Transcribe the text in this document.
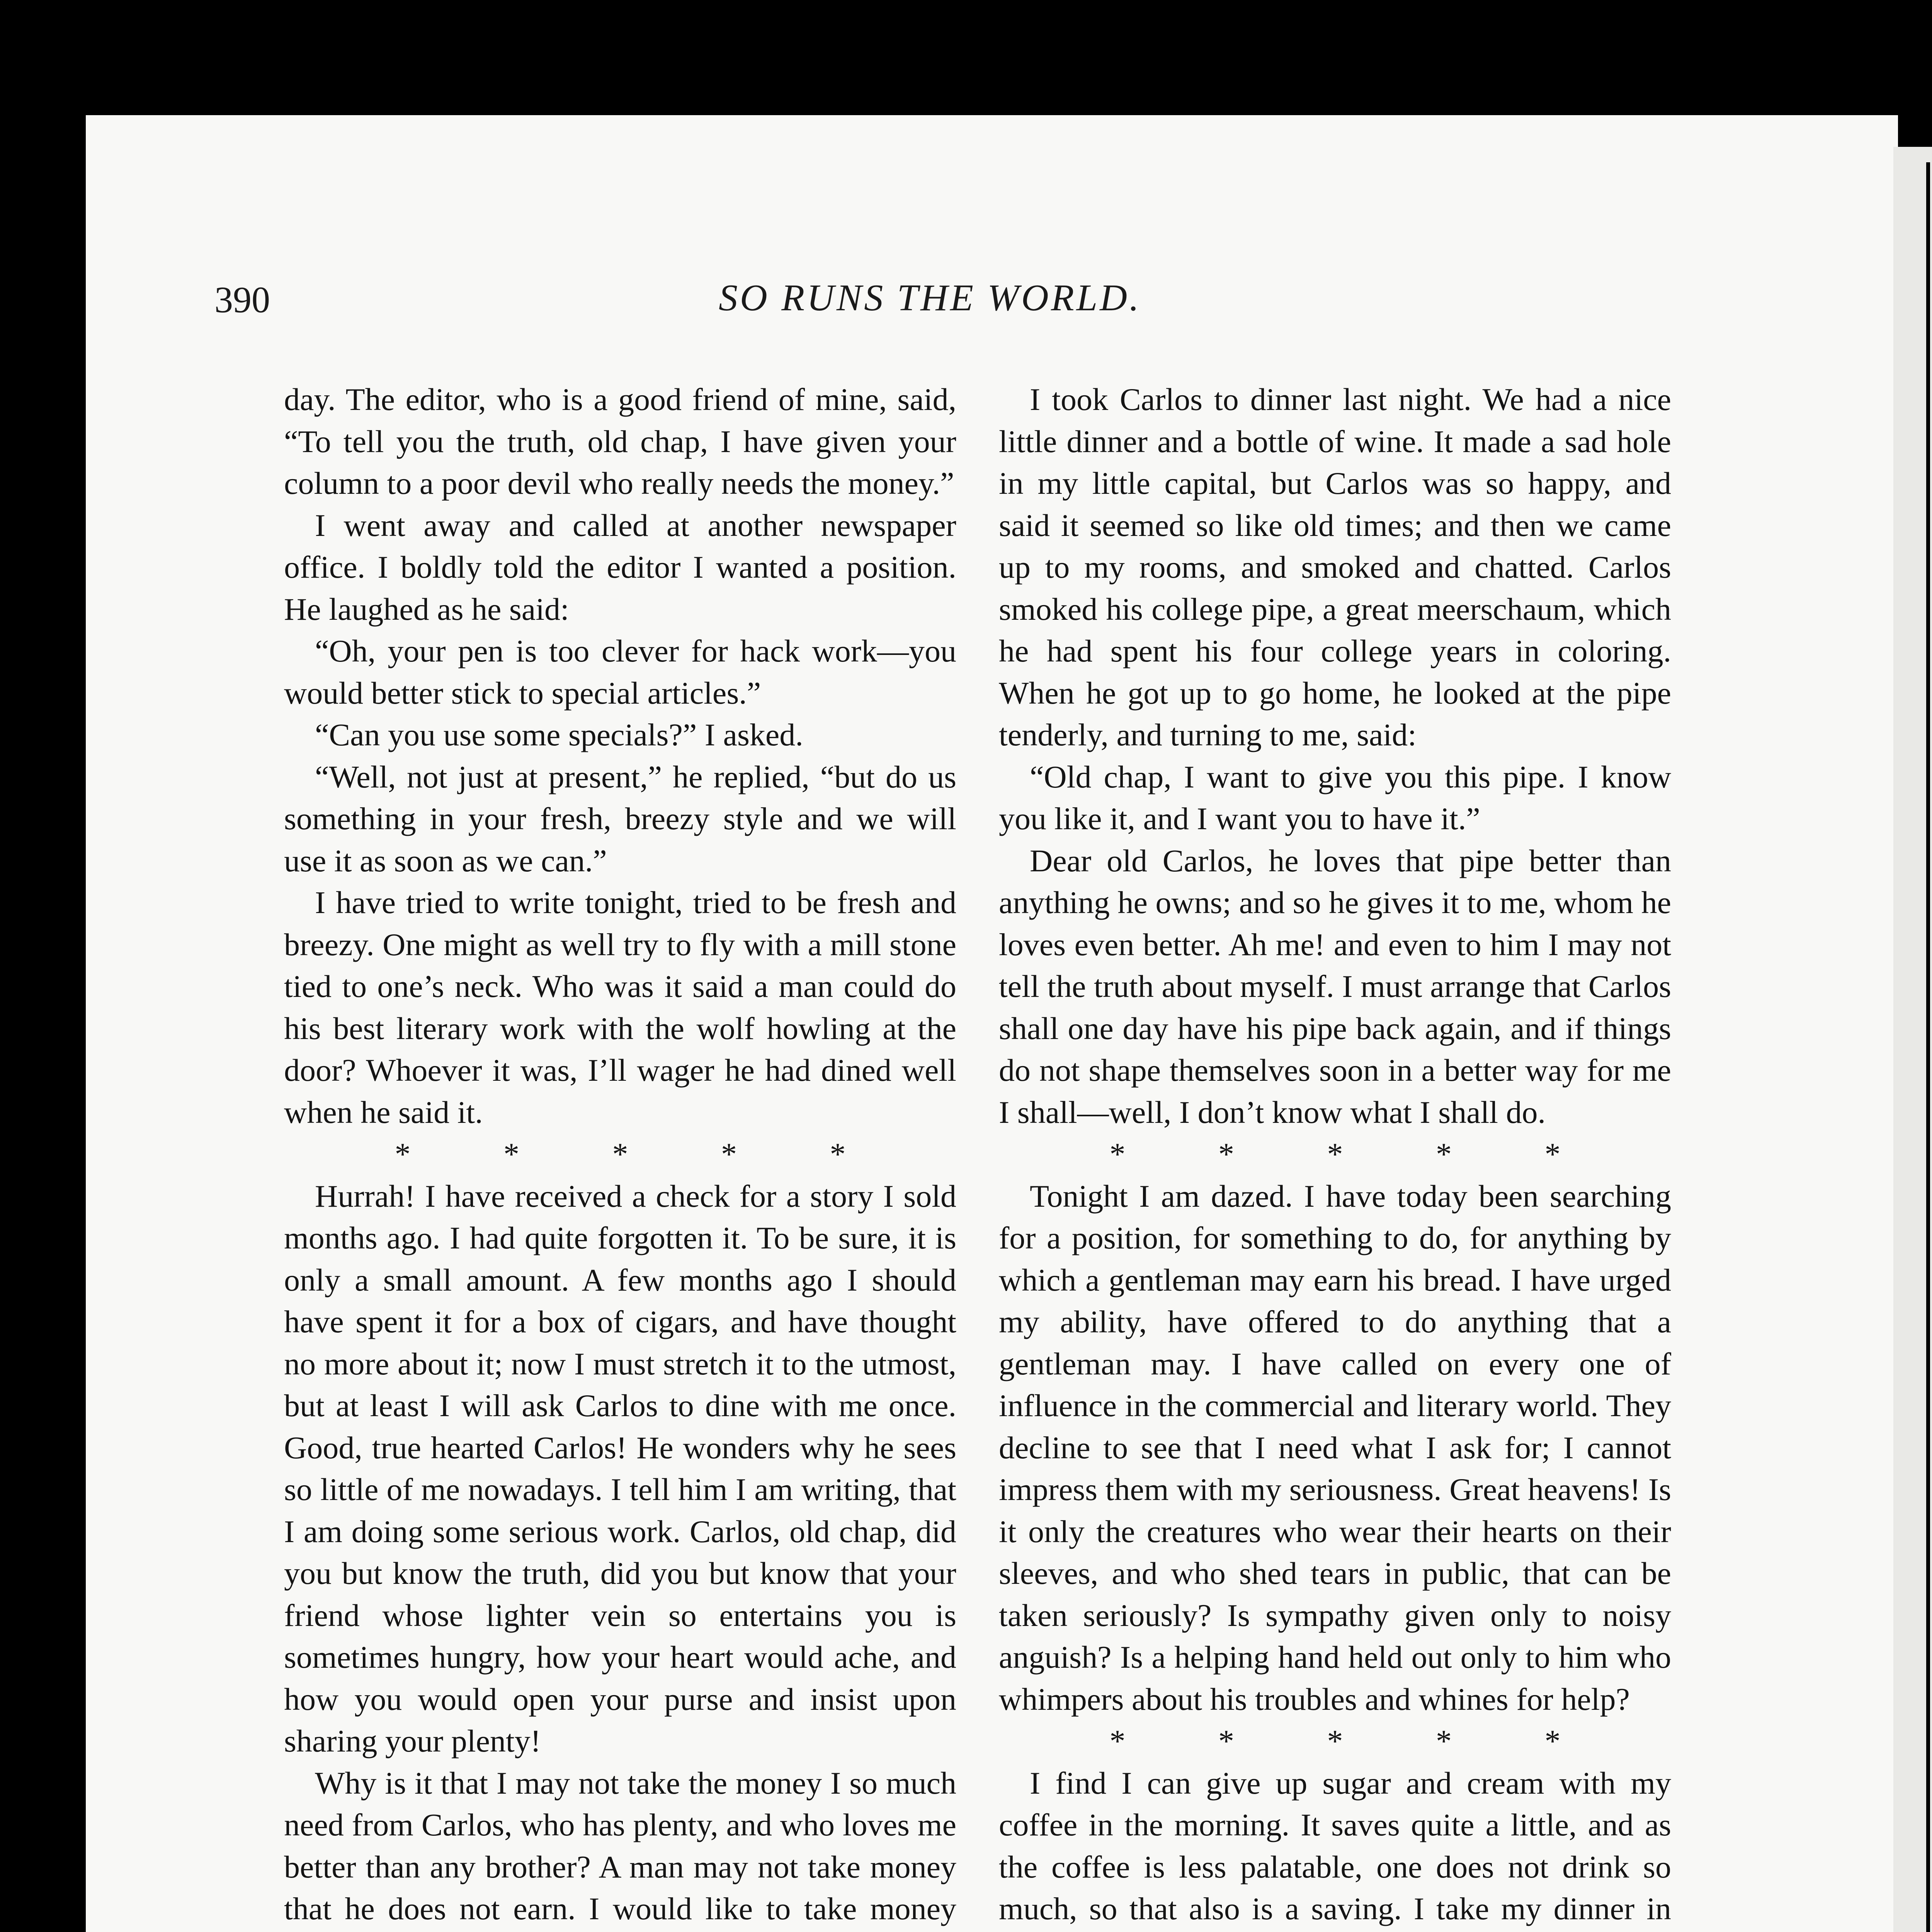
390	SO RUNS THE WORLD.

day. The editor, who is a good friend of mine, said, “To tell you the truth, old chap, I have given your column to a poor devil who really needs the money.”

I went away and called at another newspaper office. I boldly told the editor I wanted a position. He laughed as he said:

“Oh, your pen is too clever for hack work—you would better stick to special articles.”

“Can you use some specials?” I asked.

“Well, not just at present,” he replied, “but do us something in your fresh, breezy style and we will use it as soon as we can.”

I have tried to write tonight, tried to be fresh and breezy. One might as well try to fly with a mill stone tied to one’s neck. Who was it said a man could do his best literary work with the wolf howling at the door? Whoever it was, I’ll wager he had dined well when he said it.

* * * * *

Hurrah! I have received a check for a story I sold months ago. I had quite forgotten it. To be sure, it is only a small amount. A few months ago I should have spent it for a box of cigars, and have thought no more about it; now I must stretch it to the utmost, but at least I will ask Carlos to dine with me once. Good, true hearted Carlos! He wonders why he sees so little of me nowadays. I tell him I am writing, that I am doing some serious work. Carlos, old chap, did you but know the truth, did you but know that your friend whose lighter vein so entertains you is sometimes hungry, how your heart would ache, and how you would open your purse and insist upon sharing your plenty!

Why is it that I may not take the money I so much need from Carlos, who has plenty, and who loves me better than any brother? A man may not take money that he does not earn. I would like to take money

I took Carlos to dinner last night. We had a nice little dinner and a bottle of wine. It made a sad hole in my little capital, but Carlos was so happy, and said it seemed so like old times; and then we came up to my rooms, and smoked and chatted. Carlos smoked his college pipe, a great meerschaum, which he had spent his four college years in coloring. When he got up to go home, he looked at the pipe tenderly, and turning to me, said:

“Old chap, I want to give you this pipe. I know you like it, and I want you to have it.”

Dear old Carlos, he loves that pipe better than anything he owns; and so he gives it to me, whom he loves even better. Ah me! and even to him I may not tell the truth about myself. I must arrange that Carlos shall one day have his pipe back again, and if things do not shape themselves soon in a better way for me I shall—well, I don’t know what I shall do.

* * * * *

Tonight I am dazed. I have today been searching for a position, for something to do, for anything by which a gentleman may earn his bread. I have urged my ability, have offered to do anything that a gentleman may. I have called on every one of influence in the commercial and literary world. They decline to see that I need what I ask for; I cannot impress them with my seriousness. Great heavens! Is it only the creatures who wear their hearts on their sleeves, and who shed tears in public, that can be taken seriously? Is sympathy given only to noisy anguish? Is a helping hand held out only to him who whimpers about his troubles and whines for help?

* * * * *

I find I can give up sugar and cream with my coffee in the morning. It saves quite a little, and as the coffee is less palatable, one does not drink so much, so that also is a saving. I take my dinner in
